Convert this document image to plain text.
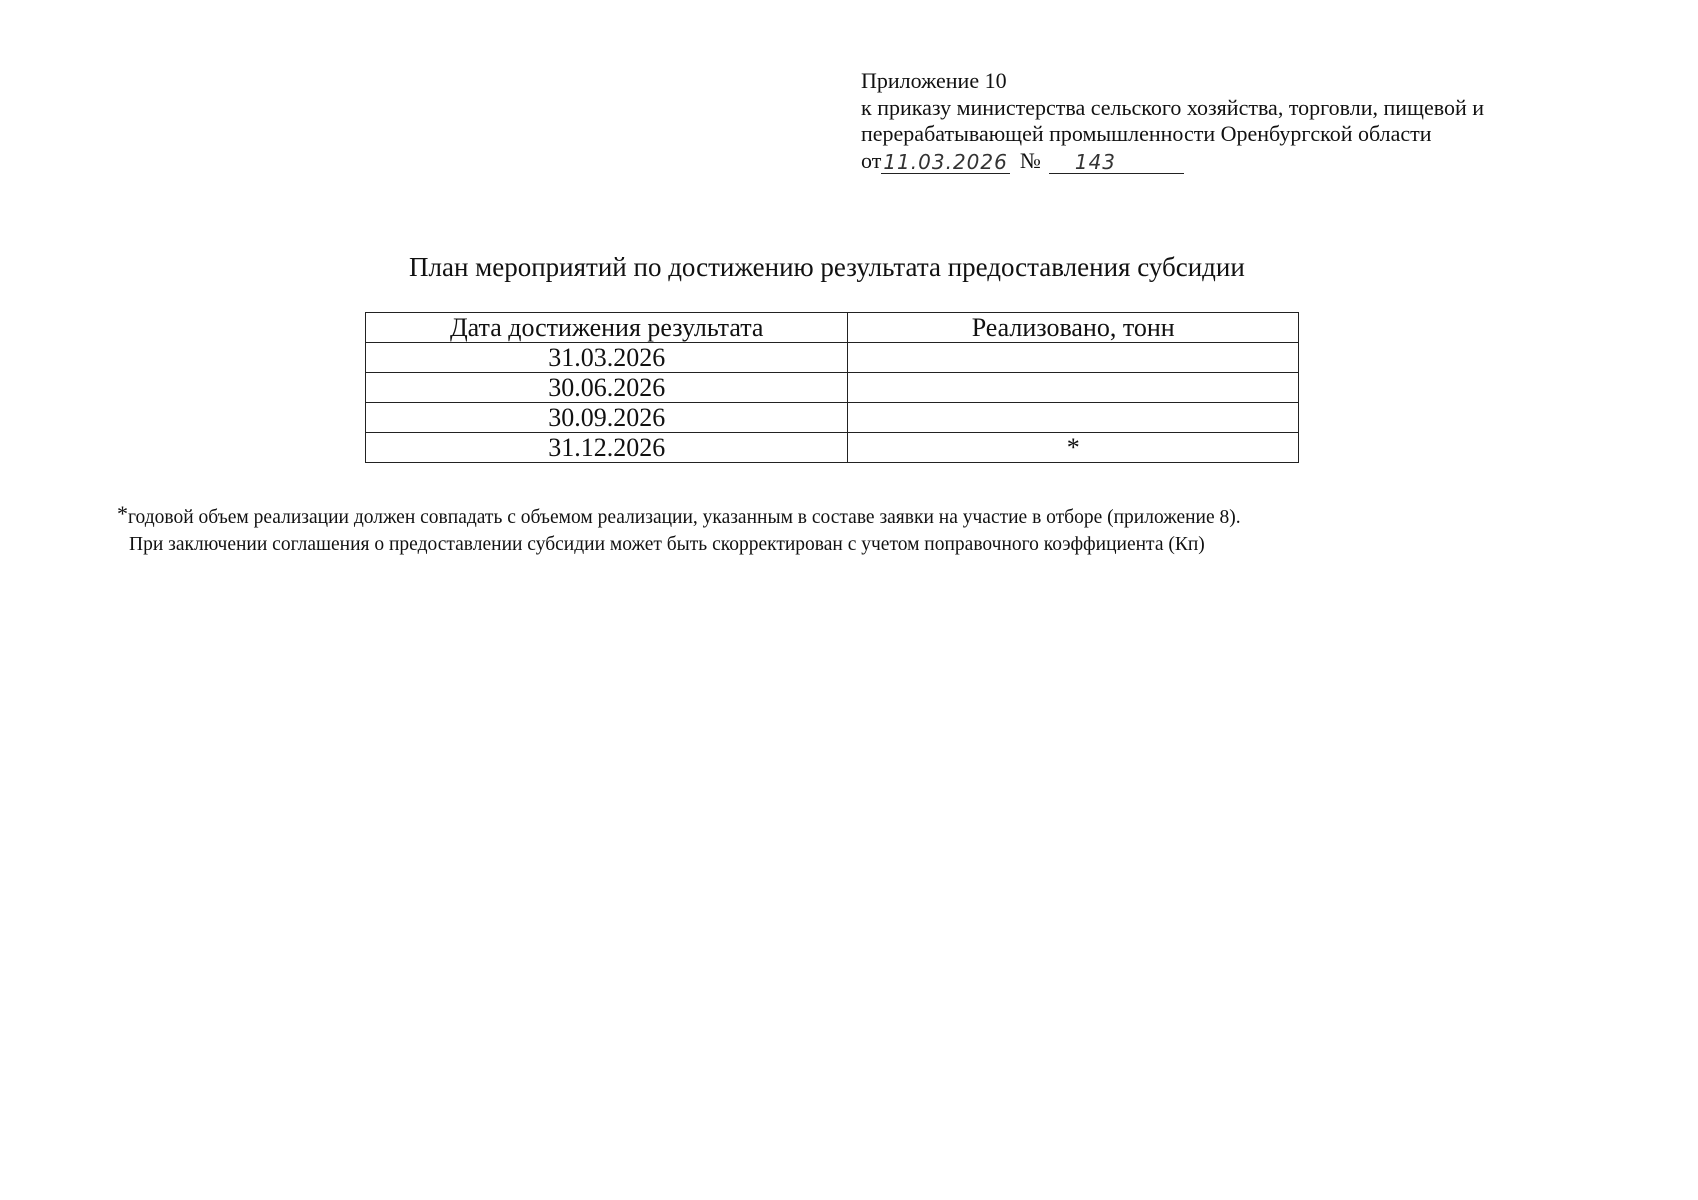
Приложение 10
к приказу министерства сельского хозяйства, торговли, пищевой и
перерабатывающей промышленности Оренбургской области
от 11.03.2026 №	143
План мероприятий по достижению результата предоставления субсидии
Дата достижения результата	Реализовано, тонн
31.03.2026	
30.06.2026	
30.09.2026	
31.12.2026	*
*годовой объем реализации должен совпадать с объемом реализации, указанным в составе заявки на участие в отборе (приложение 8).
При заключении соглашения о предоставлении субсидии может быть скорректирован с учетом поправочного коэффициента (Кп)
